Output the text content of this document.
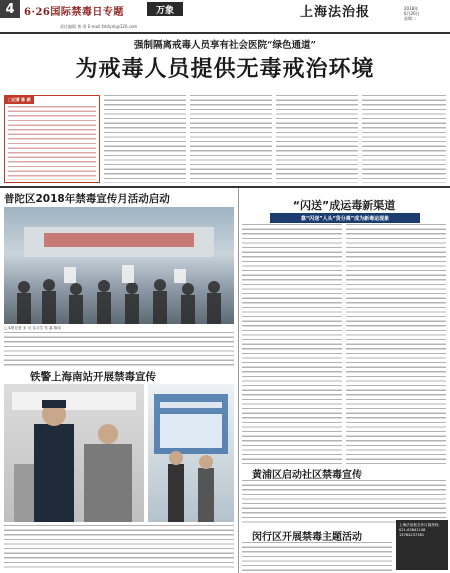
4 6·26国际禁毒日专题	万象	上海法治报	2018年
6月26日
星期二
责任编辑 黄 瑶 E-mail:fzbfyzk@126.com
强制隔离戒毒人员享有社会医院“绿色通道”
为戒毒人员提供无毒戒治环境
□记者 陈 颖
普陀区2018年禁毒宣传月活动启动
□本报记者 宋 衍 实习生 朱 嘉 陈绍
铁警上海南站开展禁毒宣传
“闪送”成运毒新渠道
靠“闪送”人头“货分离”成为新毒运现象
黄浦区启动社区禁毒宣传
闵行区开展禁毒主题活动
上海法治报全年订阅热线：021-63841148 13764237381
